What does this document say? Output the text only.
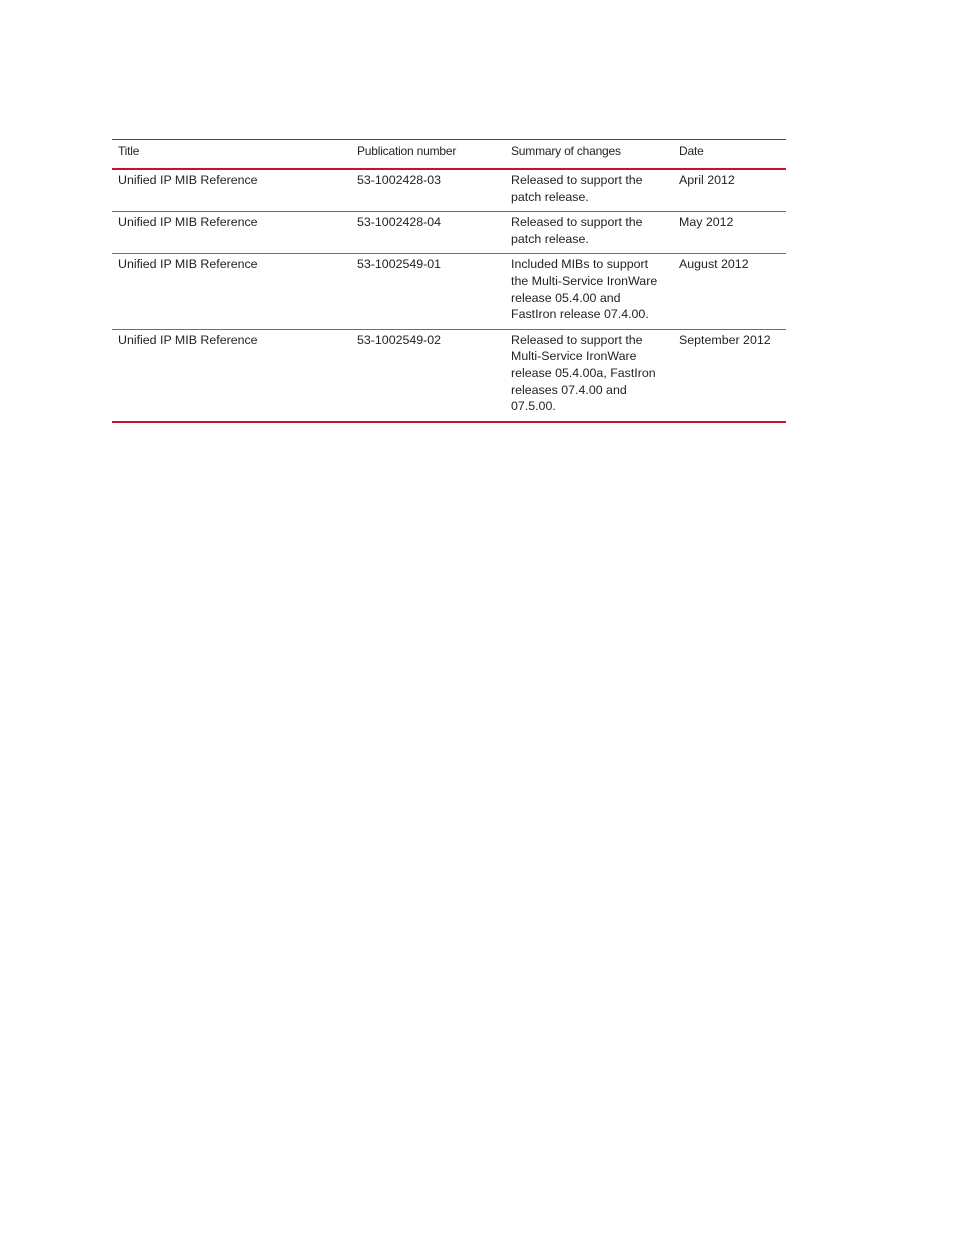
Title	Publication number	Summary of changes	Date
Unified IP MIB Reference	53-1002428-03	Released to support the patch release.	April 2012
Unified IP MIB Reference	53-1002428-04	Released to support the patch release.	May 2012
Unified IP MIB Reference	53-1002549-01	Included MIBs to support the Multi-Service IronWare release 05.4.00 and FastIron release 07.4.00.	August 2012
Unified IP MIB Reference	53-1002549-02	Released to support the Multi-Service IronWare release 05.4.00a, FastIron releases 07.4.00 and 07.5.00.	September 2012
